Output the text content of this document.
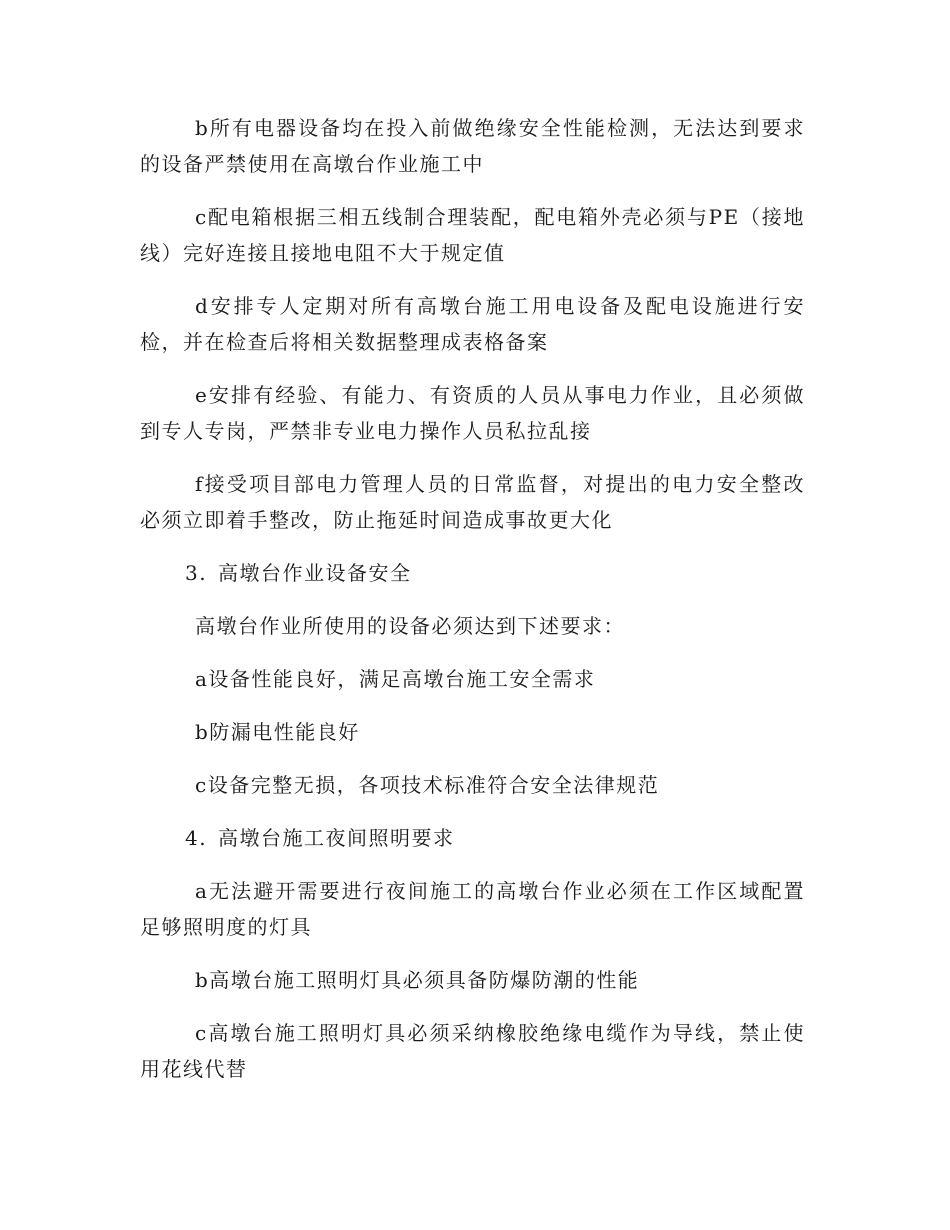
b所有电器设备均在投入前做绝缘安全性能检测，无法达到要求的设备严禁使用在高墩台作业施工中

c配电箱根据三相五线制合理装配，配电箱外壳必须与PE（接地线）完好连接且接地电阻不大于规定值

d安排专人定期对所有高墩台施工用电设备及配电设施进行安检，并在检查后将相关数据整理成表格备案

e安排有经验、有能力、有资质的人员从事电力作业，且必须做到专人专岗，严禁非专业电力操作人员私拉乱接

f接受项目部电力管理人员的日常监督，对提出的电力安全整改必须立即着手整改，防止拖延时间造成事故更大化

3. 高墩台作业设备安全

高墩台作业所使用的设备必须达到下述要求：

a设备性能良好，满足高墩台施工安全需求

b防漏电性能良好

c设备完整无损，各项技术标准符合安全法律规范

4. 高墩台施工夜间照明要求

a无法避开需要进行夜间施工的高墩台作业必须在工作区域配置足够照明度的灯具

b高墩台施工照明灯具必须具备防爆防潮的性能

c高墩台施工照明灯具必须采纳橡胶绝缘电缆作为导线，禁止使用花线代替
